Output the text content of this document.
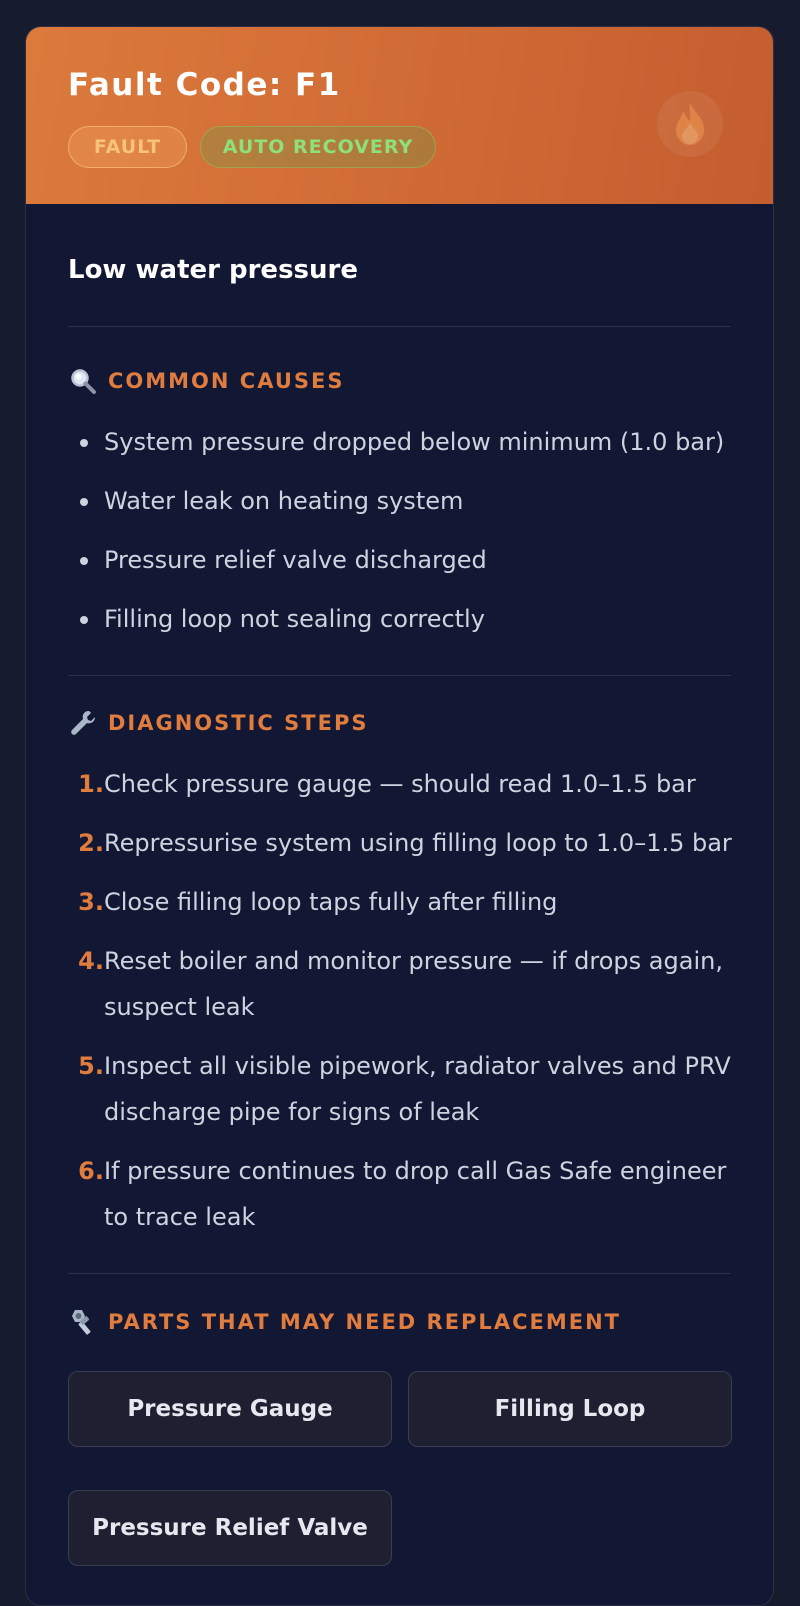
Fault Code: F1
FAULT	AUTO RECOVERY

Low water pressure

COMMON CAUSES
System pressure dropped below minimum (1.0 bar)
Water leak on heating system
Pressure relief valve discharged
Filling loop not sealing correctly
DIAGNOSTIC STEPS
1. Check pressure gauge — should read 1.0–1.5 bar
2. Repressurise system using filling loop to 1.0–1.5 bar
3. Close filling loop taps fully after filling
4. Reset boiler and monitor pressure — if drops again, suspect leak
5. Inspect all visible pipework, radiator valves and PRV discharge pipe for signs of leak
6. If pressure continues to drop call Gas Safe engineer to trace leak
PARTS THAT MAY NEED REPLACEMENT
Pressure Gauge	Filling Loop
Pressure Relief Valve
